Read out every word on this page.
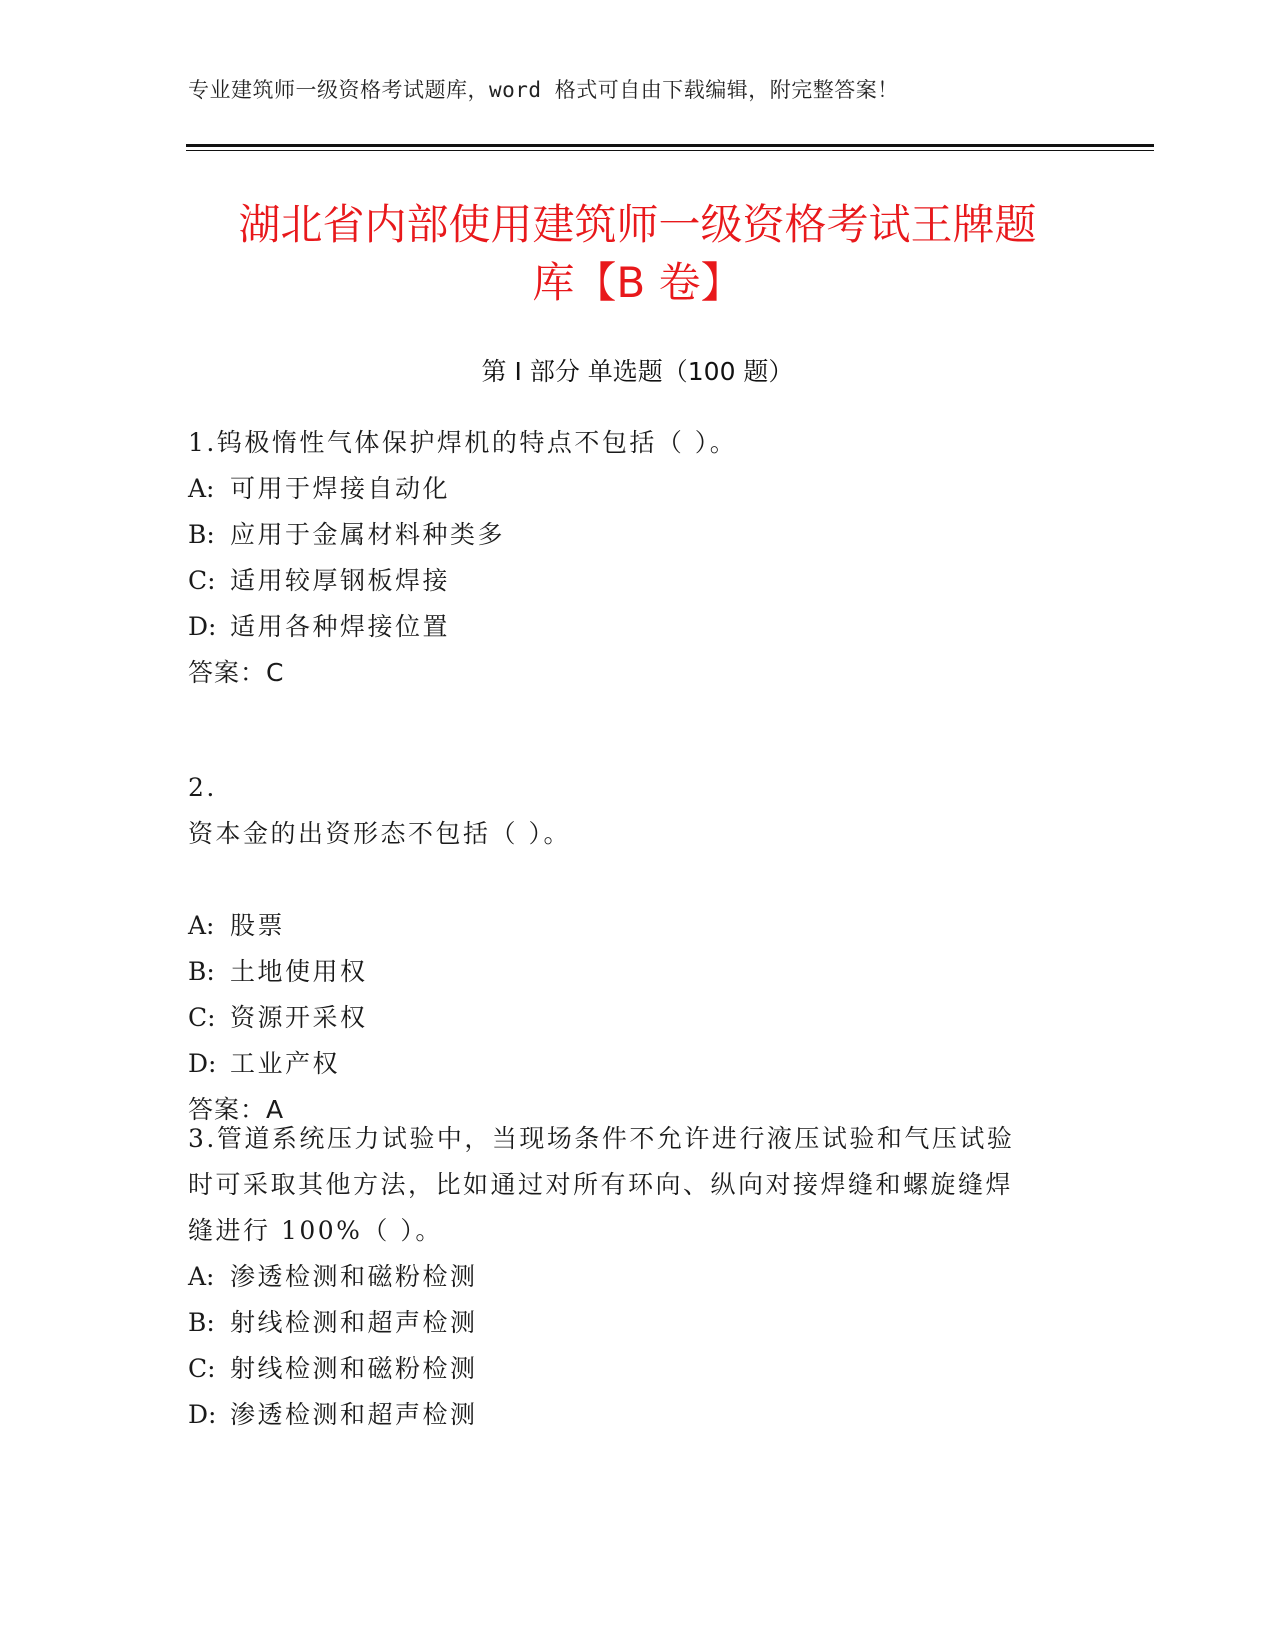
专业建筑师一级资格考试题库，word 格式可自由下载编辑，附完整答案！
湖北省内部使用建筑师一级资格考试王牌题
库【B 卷】
第 I 部分 单选题（100 题）
1.钨极惰性气体保护焊机的特点不包括（ ）。
A: 可用于焊接自动化
B: 应用于金属材料种类多
C: 适用较厚钢板焊接
D: 适用各种焊接位置
答案：C
2.
资本金的出资形态不包括（ ）。
A: 股票
B: 土地使用权
C: 资源开采权
D: 工业产权
答案：A
3.管道系统压力试验中，当现场条件不允许进行液压试验和气压试验
时可采取其他方法，比如通过对所有环向、纵向对接焊缝和螺旋缝焊
缝进行 100%（ ）。
A: 渗透检测和磁粉检测
B: 射线检测和超声检测
C: 射线检测和磁粉检测
D: 渗透检测和超声检测
